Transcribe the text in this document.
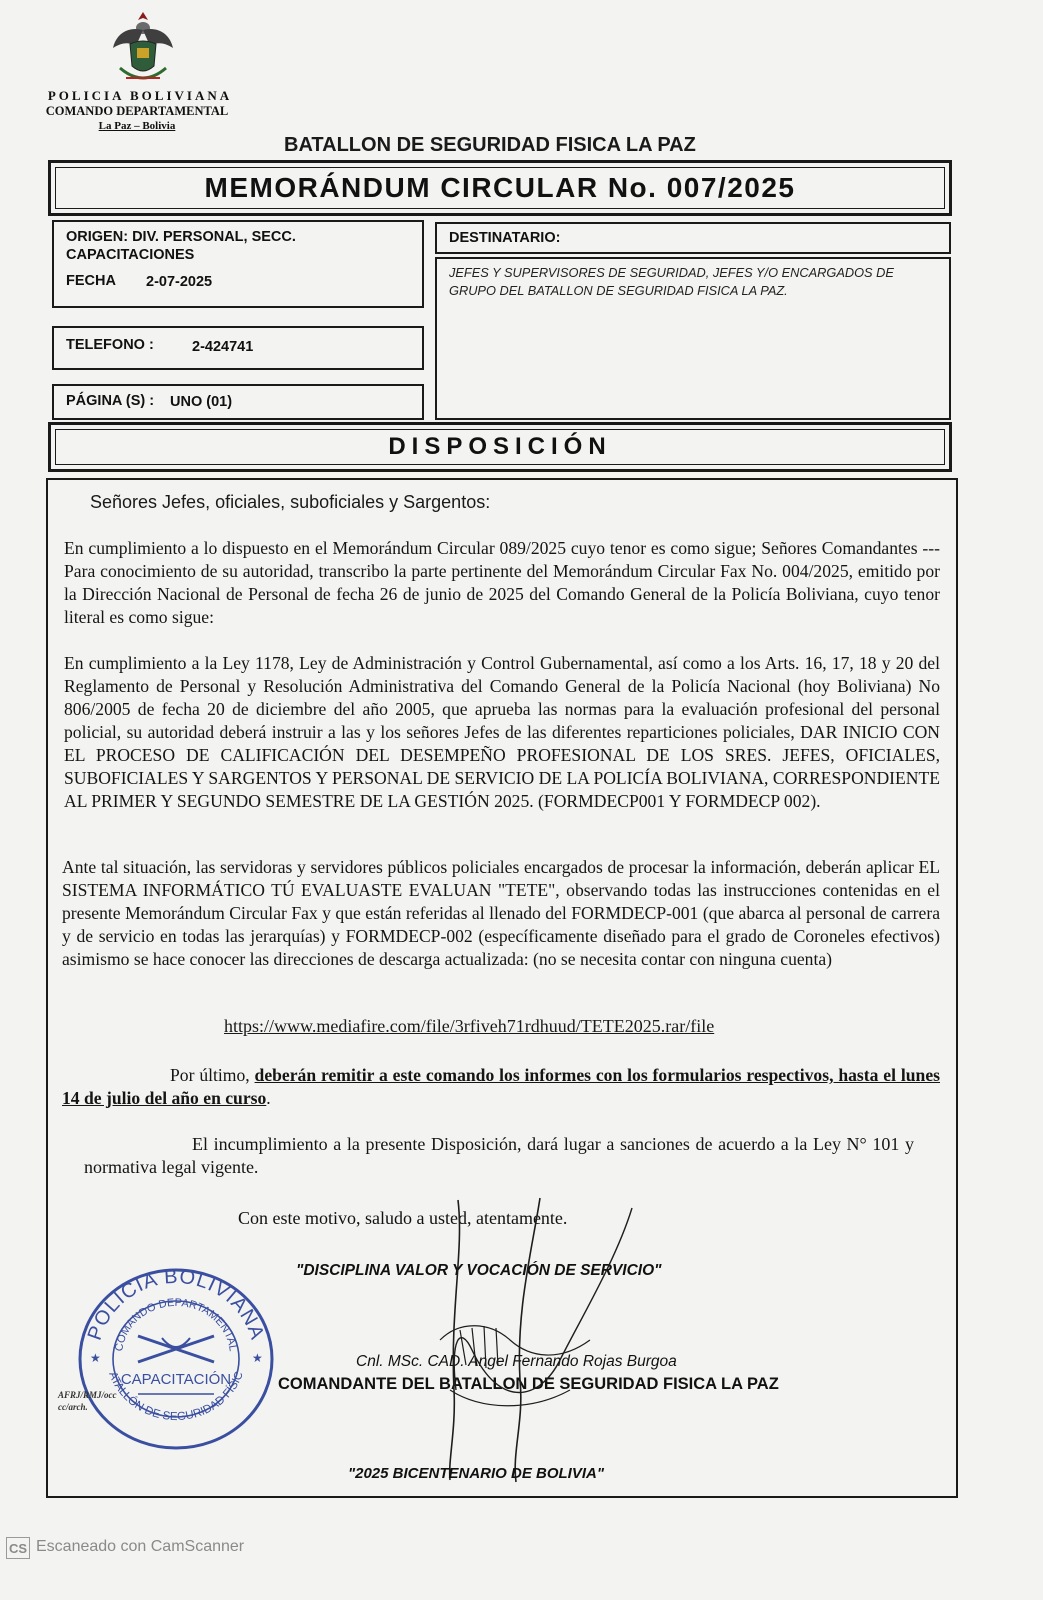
POLICIA BOLIVIANA
COMANDO DEPARTAMENTAL
La Paz – Bolivia
BATALLON DE SEGURIDAD FISICA LA PAZ
MEMORÁNDUM CIRCULAR No. 007/2025
ORIGEN: DIV. PERSONAL, SECC. CAPACITACIONES
FECHA 2-07-2025
TELEFONO :	2-424741
PÁGINA (S) : UNO (01)
DESTINATARIO:
JEFES Y SUPERVISORES DE SEGURIDAD, JEFES Y/O ENCARGADOS DE GRUPO DEL BATALLON DE SEGURIDAD FISICA LA PAZ.
DISPOSICIÓN
Señores Jefes, oficiales, suboficiales y Sargentos:
En cumplimiento a lo dispuesto en el Memorándum Circular 089/2025 cuyo tenor es como sigue; Señores Comandantes --- Para conocimiento de su autoridad, transcribo la parte pertinente del Memorándum Circular Fax No. 004/2025, emitido por la Dirección Nacional de Personal de fecha 26 de junio de 2025 del Comando General de la Policía Boliviana, cuyo tenor literal es como sigue:
En cumplimiento a la Ley 1178, Ley de Administración y Control Gubernamental, así como a los Arts. 16, 17, 18 y 20 del Reglamento de Personal y Resolución Administrativa del Comando General de la Policía Nacional (hoy Boliviana) No 806/2005 de fecha 20 de diciembre del año 2005, que aprueba las normas para la evaluación profesional del personal policial, su autoridad deberá instruir a las y los señores Jefes de las diferentes reparticiones policiales, DAR INICIO CON EL PROCESO DE CALIFICACIÓN DEL DESEMPEÑO PROFESIONAL DE LOS SRES. JEFES, OFICIALES, SUBOFICIALES Y SARGENTOS Y PERSONAL DE SERVICIO DE LA POLICÍA BOLIVIANA, CORRESPONDIENTE AL PRIMER Y SEGUNDO SEMESTRE DE LA GESTIÓN 2025. (FORMDECP001 Y FORMDECP 002).
Ante tal situación, las servidoras y servidores públicos policiales encargados de procesar la información, deberán aplicar EL SISTEMA INFORMÁTICO TÚ EVALUASTE EVALUAN "TETE", observando todas las instrucciones contenidas en el presente Memorándum Circular Fax y que están referidas al llenado del FORMDECP-001 (que abarca al personal de carrera y de servicio en todas las jerarquías) y FORMDECP-002 (específicamente diseñado para el grado de Coroneles efectivos) asimismo se hace conocer las direcciones de descarga actualizada: (no se necesita contar con ninguna cuenta)
https://www.mediafire.com/file/3rfiveh71rdhuud/TETE2025.rar/file
Por último, deberán remitir a este comando los informes con los formularios respectivos, hasta el lunes 14 de julio del año en curso.
El incumplimiento a la presente Disposición, dará lugar a sanciones de acuerdo a la Ley N° 101 y normativa legal vigente.
Con este motivo, saludo a usted, atentamente.
"DISCIPLINA VALOR Y VOCACIÓN DE SERVICIO"
Cnl. MSc. CAD. Angel Fernando Rojas Burgoa
COMANDANTE DEL BATALLON DE SEGURIDAD FISICA LA PAZ
POLICIA BOLIVIANA
COMANDO DEPARTAMENTAL
ATALLÓN DE SEGURIDAD FÍSIC
★	★
CAPACITACIÓN
AFRJ/RMJ/occ
cc/arch.
"2025 BICENTENARIO DE BOLIVIA"
CS Escaneado con CamScanner
